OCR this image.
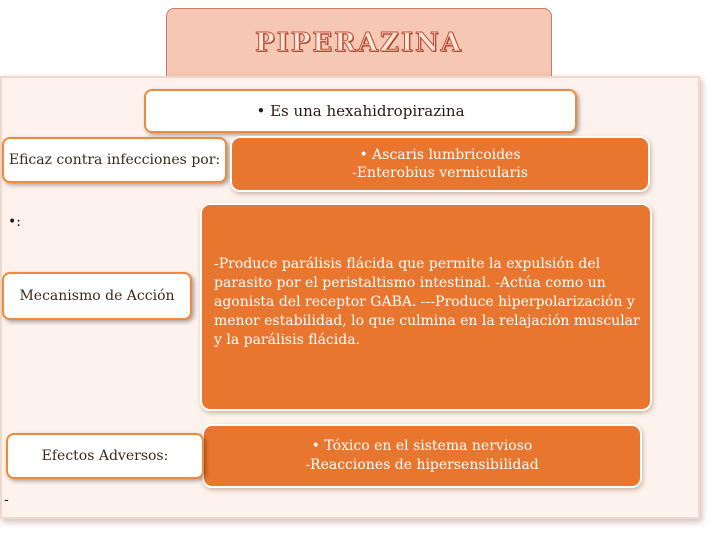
PIPERAZINA
• Es una hexahidropirazina
Eficaz contra infecciones por:	• Ascaris lumbricoides
-Enterobius vermicularis
•:
-Produce parálisis flácida que permite la expulsión del parasito por el peristaltismo intestinal. -Actúa como un agonista del receptor GABA. ---Produce hiperpolarización y menor estabilidad, lo que culmina en la relajación muscular y la parálisis flácida.
Mecanismo de Acción
• Tóxico en el sistema nervioso
-Reacciones de hipersensibilidad
Efectos Adversos:
-
